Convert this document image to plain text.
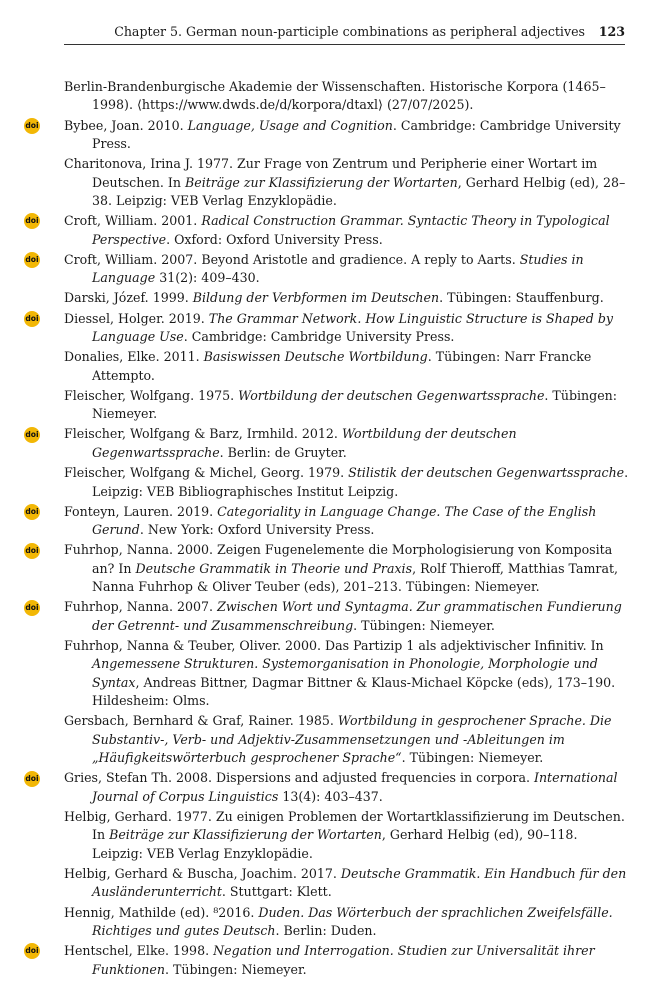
Chapter 5. German noun-participle combinations as peripheral adjectives 123
Berlin-Brandenburgische Akademie der Wissenschaften. Historische Korpora (1465–1998). ⟨https://www.dwds.de/d/korpora/dtaxl⟩ (27/07/2025).
doi Bybee, Joan. 2010. Language, Usage and Cognition. Cambridge: Cambridge University Press.
Charitonova, Irina J. 1977. Zur Frage von Zentrum und Peripherie einer Wortart im Deutschen. In Beiträge zur Klassifizierung der Wortarten, Gerhard Helbig (ed), 28–38. Leipzig: VEB Verlag Enzyklopädie.
doi Croft, William. 2001. Radical Construction Grammar. Syntactic Theory in Typological Perspective. Oxford: Oxford University Press.
doi Croft, William. 2007. Beyond Aristotle and gradience. A reply to Aarts. Studies in Language 31(2): 409–430.
Darski, Józef. 1999. Bildung der Verbformen im Deutschen. Tübingen: Stauffenburg.
doi Diessel, Holger. 2019. The Grammar Network. How Linguistic Structure is Shaped by Language Use. Cambridge: Cambridge University Press.
Donalies, Elke. 2011. Basiswissen Deutsche Wortbildung. Tübingen: Narr Francke Attempto.
Fleischer, Wolfgang. 1975. Wortbildung der deutschen Gegenwartssprache. Tübingen: Niemeyer.
doi Fleischer, Wolfgang & Barz, Irmhild. 2012. Wortbildung der deutschen Gegenwartssprache. Berlin: de Gruyter.
Fleischer, Wolfgang & Michel, Georg. 1979. Stilistik der deutschen Gegenwartssprache. Leipzig: VEB Bibliographisches Institut Leipzig.
doi Fonteyn, Lauren. 2019. Categoriality in Language Change. The Case of the English Gerund. New York: Oxford University Press.
doi Fuhrhop, Nanna. 2000. Zeigen Fugenelemente die Morphologisierung von Komposita an? In Deutsche Grammatik in Theorie und Praxis, Rolf Thieroff, Matthias Tamrat, Nanna Fuhrhop & Oliver Teuber (eds), 201–213. Tübingen: Niemeyer.
doi Fuhrhop, Nanna. 2007. Zwischen Wort und Syntagma. Zur grammatischen Fundierung der Getrennt- und Zusammenschreibung. Tübingen: Niemeyer.
Fuhrhop, Nanna & Teuber, Oliver. 2000. Das Partizip 1 als adjektivischer Infinitiv. In Angemessene Strukturen. Systemorganisation in Phonologie, Morphologie und Syntax, Andreas Bittner, Dagmar Bittner & Klaus-Michael Köpcke (eds), 173–190. Hildesheim: Olms.
Gersbach, Bernhard & Graf, Rainer. 1985. Wortbildung in gesprochener Sprache. Die Substantiv-, Verb- und Adjektiv-Zusammensetzungen und -Ableitungen im „Häufigkeitswörterbuch gesprochener Sprache“. Tübingen: Niemeyer.
doi Gries, Stefan Th. 2008. Dispersions and adjusted frequencies in corpora. International Journal of Corpus Linguistics 13(4): 403–437.
Helbig, Gerhard. 1977. Zu einigen Problemen der Wortartklassifizierung im Deutschen. In Beiträge zur Klassifizierung der Wortarten, Gerhard Helbig (ed), 90–118. Leipzig: VEB Verlag Enzyklopädie.
Helbig, Gerhard & Buscha, Joachim. 2017. Deutsche Grammatik. Ein Handbuch für den Ausländerunterricht. Stuttgart: Klett.
Hennig, Mathilde (ed). ⁸2016. Duden. Das Wörterbuch der sprachlichen Zweifelsfälle. Richtiges und gutes Deutsch. Berlin: Duden.
doi Hentschel, Elke. 1998. Negation und Interrogation. Studien zur Universalität ihrer Funktionen. Tübingen: Niemeyer.
